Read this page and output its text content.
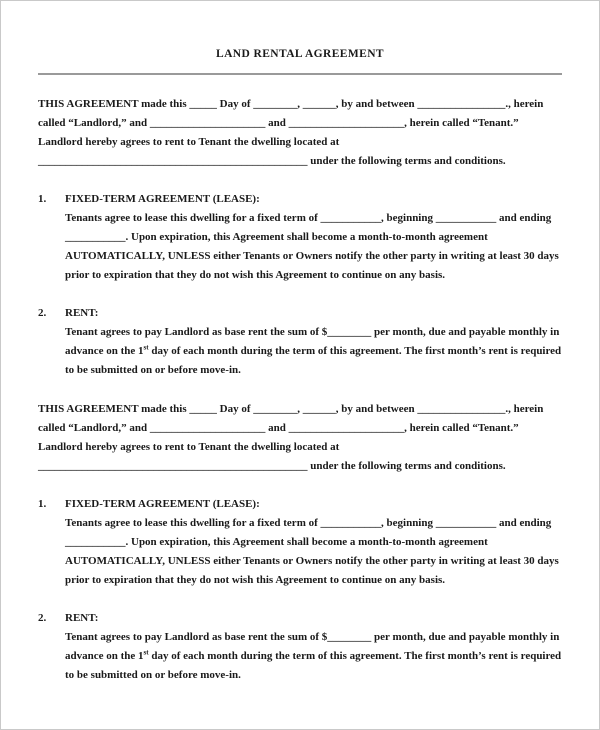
LAND RENTAL AGREEMENT

THIS AGREEMENT made this _____ Day of ________, ______, by and between ________________., herein called “Landlord,” and _____________________ and _____________________, herein called “Tenant.” Landlord hereby agrees to rent to Tenant the dwelling located at _________________________________________________ under the following terms and conditions.

1.	FIXED-TERM AGREEMENT (LEASE):

Tenants agree to lease this dwelling for a fixed term of ___________, beginning ___________ and ending ___________. Upon expiration, this Agreement shall become a month-to-month agreement AUTOMATICALLY, UNLESS either Tenants or Owners notify the other party in writing at least 30 days prior to expiration that they do not wish this Agreement to continue on any basis.

2.	RENT:

Tenant agrees to pay Landlord as base rent the sum of $________ per month, due and payable monthly in advance on the 1st day of each month during the term of this agreement. The first month’s rent is required to be submitted on or before move-in.

THIS AGREEMENT made this _____ Day of ________, ______, by and between ________________., herein called “Landlord,” and _____________________ and _____________________, herein called “Tenant.” Landlord hereby agrees to rent to Tenant the dwelling located at _________________________________________________ under the following terms and conditions.

1.	FIXED-TERM AGREEMENT (LEASE):

Tenants agree to lease this dwelling for a fixed term of ___________, beginning ___________ and ending ___________. Upon expiration, this Agreement shall become a month-to-month agreement AUTOMATICALLY, UNLESS either Tenants or Owners notify the other party in writing at least 30 days prior to expiration that they do not wish this Agreement to continue on any basis.

2.	RENT:

Tenant agrees to pay Landlord as base rent the sum of $________ per month, due and payable monthly in advance on the 1st day of each month during the term of this agreement. The first month’s rent is required to be submitted on or before move-in.
